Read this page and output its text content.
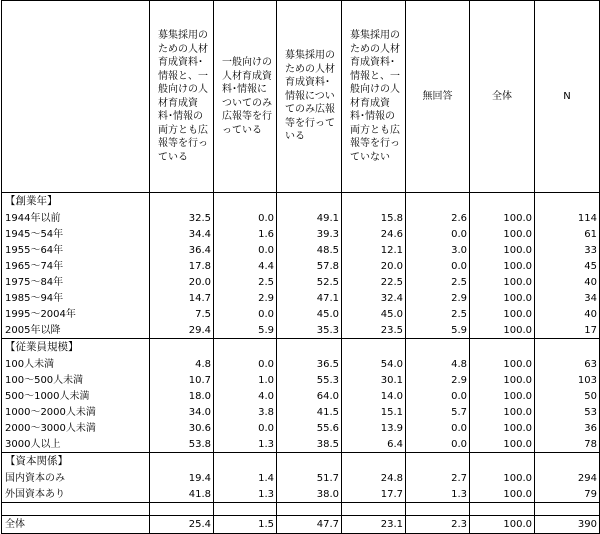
	募集採用のための人材育成資料･情報と、一般向けの人材育成資料･情報の両方とも広報等を行っている	一般向けの人材育成資料･情報についてのみ広報等を行っている	募集採用のための人材育成資料･情報についてのみ広報等を行っている	募集採用のための人材育成資料･情報と、一般向けの人材育成資料･情報の両方とも広報等を行っていない	無回答	全体	N
【創業年】							
1944年以前	32.5	0.0	49.1	15.8	2.6	100.0	114
1945～54年	34.4	1.6	39.3	24.6	0.0	100.0	61
1955～64年	36.4	0.0	48.5	12.1	3.0	100.0	33
1965～74年	17.8	4.4	57.8	20.0	0.0	100.0	45
1975～84年	20.0	2.5	52.5	22.5	2.5	100.0	40
1985～94年	14.7	2.9	47.1	32.4	2.9	100.0	34
1995～2004年	7.5	0.0	45.0	45.0	2.5	100.0	40
2005年以降	29.4	5.9	35.3	23.5	5.9	100.0	17
【従業員規模】							
100人未満	4.8	0.0	36.5	54.0	4.8	100.0	63
100～500人未満	10.7	1.0	55.3	30.1	2.9	100.0	103
500～1000人未満	18.0	4.0	64.0	14.0	0.0	100.0	50
1000～2000人未満	34.0	3.8	41.5	15.1	5.7	100.0	53
2000～3000人未満	30.6	0.0	55.6	13.9	0.0	100.0	36
3000人以上	53.8	1.3	38.5	6.4	0.0	100.0	78
【資本関係】							
国内資本のみ	19.4	1.4	51.7	24.8	2.7	100.0	294
外国資本あり	41.8	1.3	38.0	17.7	1.3	100.0	79

全体	25.4	1.5	47.7	23.1	2.3	100.0	390
